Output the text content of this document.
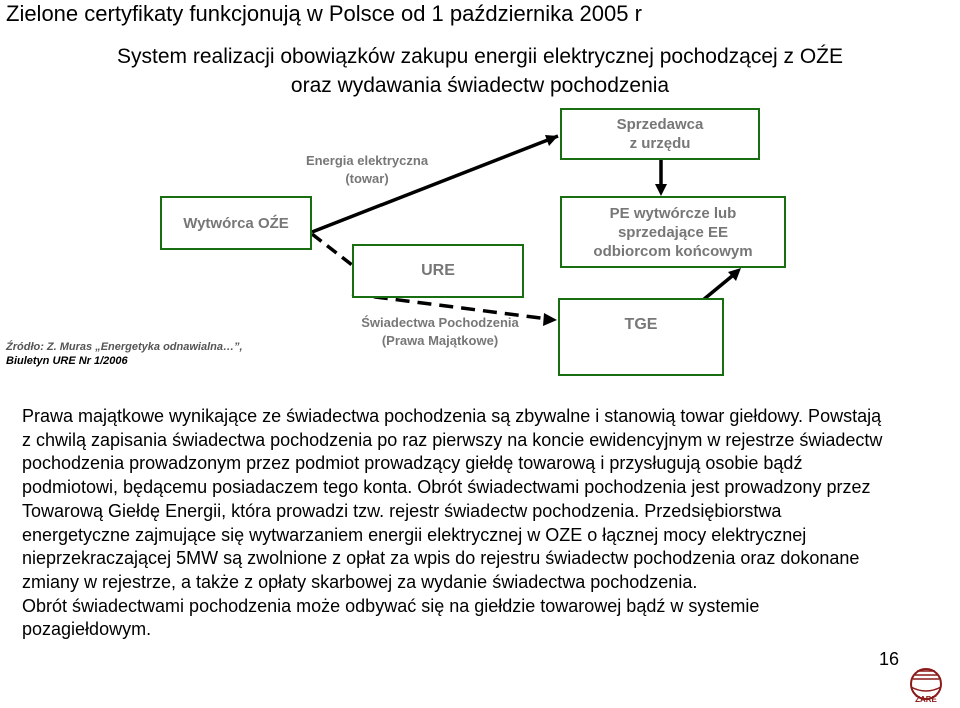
Zielone certyfikaty funkcjonują w Polsce od 1 października 2005 r
System realizacji obowiązków zakupu energii elektrycznej pochodzącej z OŹE
oraz wydawania świadectw pochodzenia
Energia elektryczna
(towar)
Wytwórca OŹE
URE
Sprzedawca
z urzędu
PE wytwórcze lub
sprzedające EE
odbiorcom końcowym
Świadectwa Pochodzenia
(Prawa Majątkowe)
TGE
Źródło: Z. Muras „Energetyka odnawialna…”,
Biuletyn URE Nr 1/2006
Prawa majątkowe wynikające ze świadectwa pochodzenia są zbywalne i stanowią towar giełdowy. Powstają z chwilą zapisania świadectwa pochodzenia po raz pierwszy na koncie ewidencyjnym w rejestrze świadectw pochodzenia prowadzonym przez podmiot prowadzący giełdę towarową i przysługują osobie bądź podmiotowi, będącemu posiadaczem tego konta. Obrót świadectwami pochodzenia jest prowadzony przez Towarową Giełdę Energii, która prowadzi tzw. rejestr świadectw pochodzenia. Przedsiębiorstwa energetyczne zajmujące się wytwarzaniem energii elektrycznej w OZE o łącznej mocy elektrycznej nieprzekraczającej 5MW są zwolnione z opłat za wpis do rejestru świadectw pochodzenia oraz dokonane zmiany w rejestrze, a także z opłaty skarbowej za wydanie świadectwa pochodzenia.
Obrót świadectwami pochodzenia może odbywać się na giełdzie towarowej bądź w systemie pozagiełdowym.
16
ZARE
